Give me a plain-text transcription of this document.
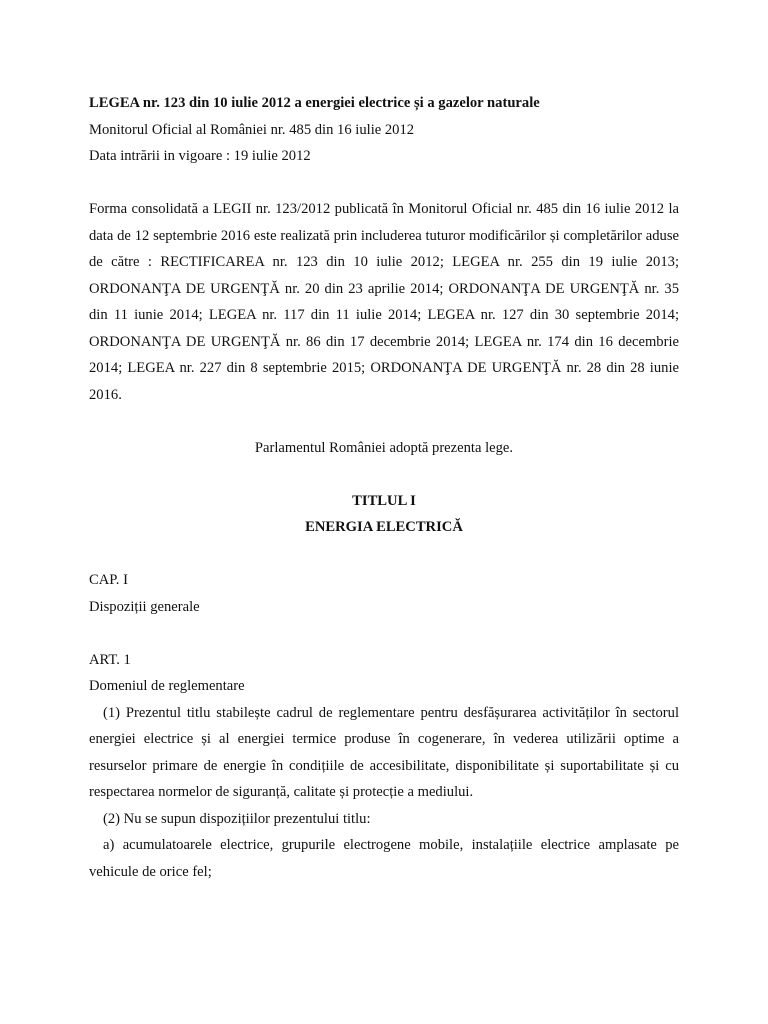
LEGEA nr. 123 din 10 iulie 2012 a energiei electrice și a gazelor naturale

Monitorul Oficial al României nr. 485 din 16 iulie 2012

Data intrării in vigoare : 19 iulie 2012

Forma consolidată a LEGII nr. 123/2012 publicată în Monitorul Oficial nr. 485 din 16 iulie 2012 la data de 12 septembrie 2016 este realizată prin includerea tuturor modificărilor și completărilor aduse de către : RECTIFICAREA nr. 123 din 10 iulie 2012; LEGEA nr. 255 din 19 iulie 2013; ORDONANŢA DE URGENŢĂ nr. 20 din 23 aprilie 2014; ORDONANŢA DE URGENŢĂ nr. 35 din 11 iunie 2014; LEGEA nr. 117 din 11 iulie 2014; LEGEA nr. 127 din 30 septembrie 2014; ORDONANŢA DE URGENŢĂ nr. 86 din 17 decembrie 2014; LEGEA nr. 174 din 16 decembrie 2014; LEGEA nr. 227 din 8 septembrie 2015; ORDONANŢA DE URGENŢĂ nr. 28 din 28 iunie 2016.

Parlamentul României adoptă prezenta lege.

TITLUL I

ENERGIA ELECTRICĂ

CAP. I

Dispoziții generale

ART. 1

Domeniul de reglementare

(1) Prezentul titlu stabilește cadrul de reglementare pentru desfășurarea activităților în sectorul energiei electrice și al energiei termice produse în cogenerare, în vederea utilizării optime a resurselor primare de energie în condițiile de accesibilitate, disponibilitate și suportabilitate și cu respectarea normelor de siguranță, calitate și protecție a mediului.

(2) Nu se supun dispozițiilor prezentului titlu:

a) acumulatoarele electrice, grupurile electrogene mobile, instalațiile electrice amplasate pe vehicule de orice fel;
